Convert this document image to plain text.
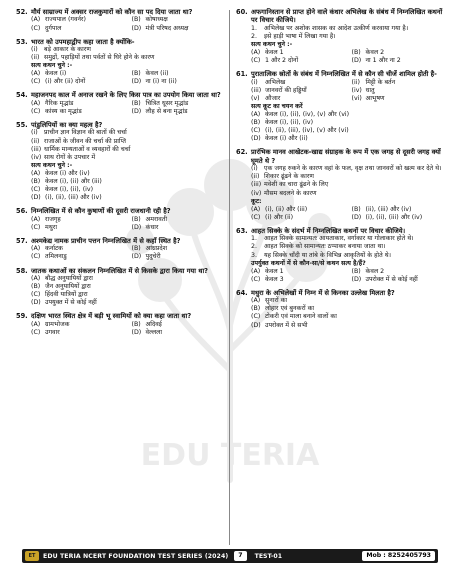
EDU TERIA
52. मौर्य साम्राज्य में अक्सर राजकुमारों को कौन सा पद दिया जाता था?
(A) राज्यपाल (गवर्नर)	(B) कोषाध्यक्ष
(C) दुर्गपाल	(D) मंत्री परिषद अध्यक्ष
53. भारत को उपमहाद्वीप कहा जाता है क्योंकि-
(i)	बड़े आकार के कारण
(ii) समुद्रों, पहाड़ियों तथा पर्वतों से घिरे होने के कारण
सत्य कथन चुने :-
(A) केवल (i)	(B) केवल (ii)
(C) (i) और (ii) दोनों	(D) ना (i) ना (ii)
54. महाजनपद काल में अनाज रखने के लिए किस पात्र का उपयोग किया जाता था?
(A) गैरिक मृद्भांड	(B) चित्रित धूसर मृद्भांड
(C) कांस्य का मृद्भांड	(D) लौह से बना मृद्भांड
55. पांडुलिपियों का क्या महत्व है?
(i)	प्राचीन ज्ञान विज्ञान की बातों की चर्चा
(ii) राजाओं के जीवन की चर्चा की प्राप्ति
(iii) धार्मिक मान्यताओं व व्यवहारों की चर्चा
(iv) साथ रोगों के उपचार में
सत्य कथन चुने :-
(A) केवल (i) और (iv)
(B) केवल (i), (ii) और (iii)
(C) केवल (i), (ii), (iv)
(D) (i), (ii), (iii) और (iv)
56. निम्नलिखित में से कौन कुषाणों की दूसरी राजधानी रही है?
(A) राजगृह	(B) अमरावती
(C) मथुरा	(D) कंधार
57. अश्मकेद्य नामक प्राचीन पत्तन निम्नलिखित में से कहाँ स्थित है?
(A) कर्नाटक	(B) आंध्रप्रदेश
(C) तमिलनाडु	(D) पुदुचेरी
58. जातक कथाओं का संकलन निम्नलिखित में से किसके द्वारा किया गया था?
(A) बौद्ध अनुयायियों द्वारा
(B) जैन अनुयायियों द्वारा
(C) हिंदवी यात्रियों द्वारा
(D) उपयुक्त में से कोई नहीं
59. दक्षिण भारत स्थित क्षेत्र में बड़ी भू स्वामियों को क्या कहा जाता था?
(A) ग्रामभोजक	(B) अदिवई
(C) उगवार	(D) वेल्लला
60. अफगानिस्तान से प्राप्त होने वाले कंधार अभिलेख के संबंध में निम्नलिखित कथनों पर विचार कीजिये।
1.	अभिलेख पर अशोक शासक का आदेश उत्कीर्ण करवाया गया है।
2.	इसे हाड़ी भाषा में लिखा गया है।
सत्य कथन चुने :-
(A) केवल 1	(B) केवल 2
(C) 1 और 2 दोनों	(D) ना 1 और ना 2
61. पुरातात्विक स्रोतों के संबंध में निम्नलिखित में से कौन सी चीजें शामिल होती है-
(i)	अभिलेख	(ii) मिट्टी के बर्तन
(iii) जानवरों की हड्डियाँ	(iv) धातु
(v) औजार	(vi) आभूषण
सत्य कूट का चयन करें
(A) केवल (i), (ii), (iv), (v) और (vi)
(B) केवल (i), (ii), (iv)
(C) (i), (ii), (iii), (iv), (v) और (vi)
(D) केवल (i) और (ii)
62. प्रारंभिक मानव आखेटक-खाद्य संग्राहक के रूप में एक जगह से दूसरी जगह क्यों घूमते थे ?
(i)	एक जगह रुकने के कारण वहां के फल, वृक्ष तथा जानवरों को खत्म कर देते थे।
(ii) शिकार ढूंढने के कारण
(iii) मवेशी का चारा ढूंढने के लिए
(iv) मौसम बदलने के कारण
कूट:
(A) (i), (ii) और (iii)	(B) (ii), (iii) और (iv)
(C) (i) और (ii)	(D) (i), (ii), (iii) और (iv)
63. आहत सिक्के के संदर्भ में निम्नलिखित कथनों पर विचार कीजिये।
1.	आहत सिक्के सामान्यतः आयताकार, वर्गाकार या गोलाकार होते थे।
2.	आहत सिक्के को सामान्यतः ठप्पाकर बनाया जाता था।
3.	यह सिक्के चाँदी या तांबे के विभिन्न आकृतियों के होते थे।
उपर्युक्त कथनों में से कौन-सा/से कथन सत्य है/हैं?
(A) केवल 1	(B) केवल 2
(C) केवल 3	(D) उपरोक्त में से कोई नहीं
64. मथुरा के अभिलेखों में निम्न में से किनका उल्लेख मिलता है?
(A) सुनारों का
(B) लोहार एवं बुनकरों का
(C) टोकरी एवं माला बनाने वालों का
(D) उपरोक्त में से सभी
ET	EDU TERIA NCERT FOUNDATION TEST SERIES (2024)	7	TEST-01	Mob : 8252405793
